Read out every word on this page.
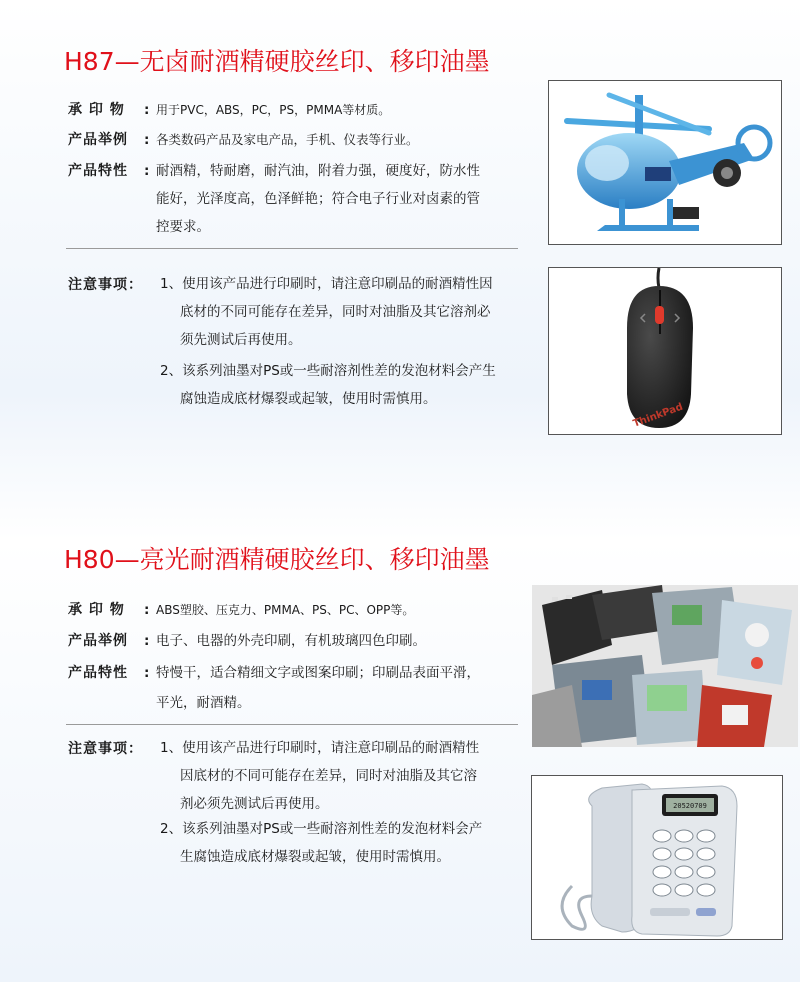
H87—无卤耐酒精硬胶丝印、移印油墨
承 印 物	: 用于PVC，ABS，PC，PS，PMMA等材质。
产品举例	: 各类数码产品及家电产品，手机、仪表等行业。
产品特性	: 耐酒精，特耐磨，耐汽油，附着力强，硬度好，防水性
能好，光泽度高，色泽鲜艳；符合电子行业对卤素的管
控要求。
注意事项： 1、使用该产品进行印刷时，请注意印刷品的耐酒精性因
底材的不同可能存在差异，同时对油脂及其它溶剂必
须先测试后再使用。
2、该系列油墨对PS或一些耐溶剂性差的发泡材料会产生
腐蚀造成底材爆裂或起皱，使用时需慎用。
ThinkPad
H80—亮光耐酒精硬胶丝印、移印油墨
承 印 物	: ABS塑胶、压克力、PMMA、PS、PC、OPP等。
产品举例	: 电子、电器的外壳印刷，有机玻璃四色印刷。
产品特性	: 特慢干，适合精细文字或图案印刷；印刷品表面平滑，
平光，耐酒精。
注意事项： 1、使用该产品进行印刷时，请注意印刷品的耐酒精性
因底材的不同可能存在差异，同时对油脂及其它溶
剂必须先测试后再使用。
2、该系列油墨对PS或一些耐溶剂性差的发泡材料会产
生腐蚀造成底材爆裂或起皱，使用时需慎用。
20520709
